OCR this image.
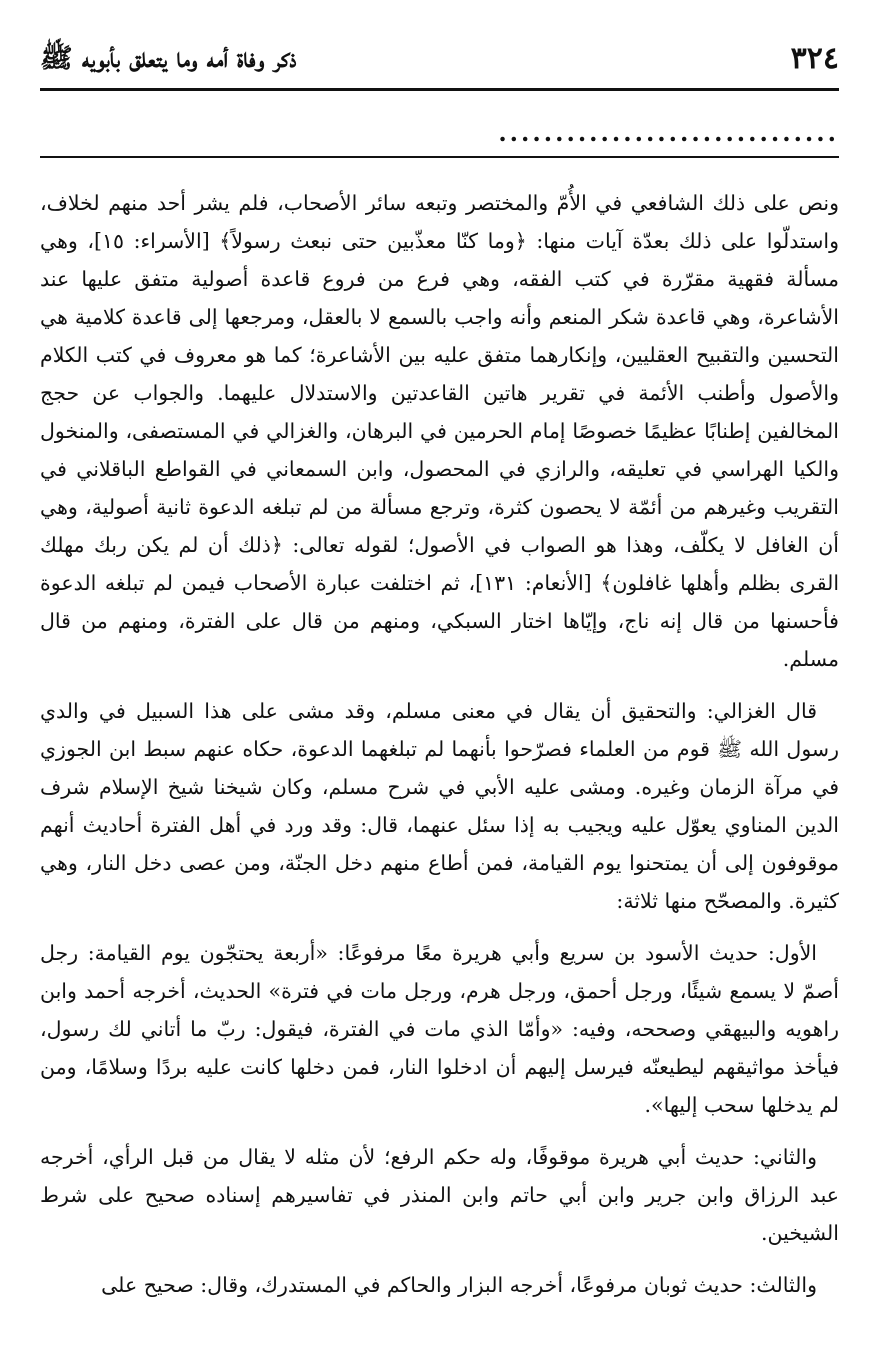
٣٢٤
ذكر وفاة أمه وما يتعلق بأبويه ﷺ
..............................

ونص على ذلك الشافعي في الأُمّ والمختصر وتبعه سائر الأصحاب، فلم يشر أحد منهم لخلاف، واستدلّوا على ذلك بعدّة آيات منها: ﴿وما كنّا معذّبين حتى نبعث رسولاً﴾ [الأسراء: ١٥]، وهي مسألة فقهية مقرّرة في كتب الفقه، وهي فرع من فروع قاعدة أصولية متفق عليها عند الأشاعرة، وهي قاعدة شكر المنعم وأنه واجب بالسمع لا بالعقل، ومرجعها إلى قاعدة كلامية هي التحسين والتقبيح العقليين، وإنكارهما متفق عليه بين الأشاعرة؛ كما هو معروف في كتب الكلام والأصول وأطنب الأئمة في تقرير هاتين القاعدتين والاستدلال عليهما. والجواب عن حجج المخالفين إطنابًا عظيمًا خصوصًا إمام الحرمين في البرهان، والغزالي في المستصفى، والمنخول والكيا الهراسي في تعليقه، والرازي في المحصول، وابن السمعاني في القواطع الباقلاني في التقريب وغيرهم من أئمّة لا يحصون كثرة، وترجع مسألة من لم تبلغه الدعوة ثانية أصولية، وهي أن الغافل لا يكلّف، وهذا هو الصواب في الأصول؛ لقوله تعالى: ﴿ذلك أن لم يكن ربك مهلك القرى بظلم وأهلها غافلون﴾ [الأنعام: ١٣١]، ثم اختلفت عبارة الأصحاب فيمن لم تبلغه الدعوة فأحسنها من قال إنه ناج، وإيّاها اختار السبكي، ومنهم من قال على الفترة، ومنهم من قال مسلم.

قال الغزالي: والتحقيق أن يقال في معنى مسلم، وقد مشى على هذا السبيل في والدي رسول الله ﷺ قوم من العلماء فصرّحوا بأنهما لم تبلغهما الدعوة، حكاه عنهم سبط ابن الجوزي في مرآة الزمان وغيره. ومشى عليه الأبي في شرح مسلم، وكان شيخنا شيخ الإسلام شرف الدين المناوي يعوّل عليه ويجيب به إذا سئل عنهما، قال: وقد ورد في أهل الفترة أحاديث أنهم موقوفون إلى أن يمتحنوا يوم القيامة، فمن أطاع منهم دخل الجنّة، ومن عصى دخل النار، وهي كثيرة. والمصحّح منها ثلاثة:

الأول: حديث الأسود بن سريع وأبي هريرة معًا مرفوعًا: «أربعة يحتجّون يوم القيامة: رجل أصمّ لا يسمع شيئًا، ورجل أحمق، ورجل هرم، ورجل مات في فترة» الحديث، أخرجه أحمد وابن راهويه والبيهقي وصححه، وفيه: «وأمّا الذي مات في الفترة، فيقول: ربّ ما أتاني لك رسول، فيأخذ مواثيقهم ليطيعنّه فيرسل إليهم أن ادخلوا النار، فمن دخلها كانت عليه بردًا وسلامًا، ومن لم يدخلها سحب إليها».

والثاني: حديث أبي هريرة موقوفًا، وله حكم الرفع؛ لأن مثله لا يقال من قبل الرأي، أخرجه عبد الرزاق وابن جرير وابن أبي حاتم وابن المنذر في تفاسيرهم إسناده صحيح على شرط الشيخين.

والثالث: حديث ثوبان مرفوعًا، أخرجه البزار والحاكم في المستدرك، وقال: صحيح على
